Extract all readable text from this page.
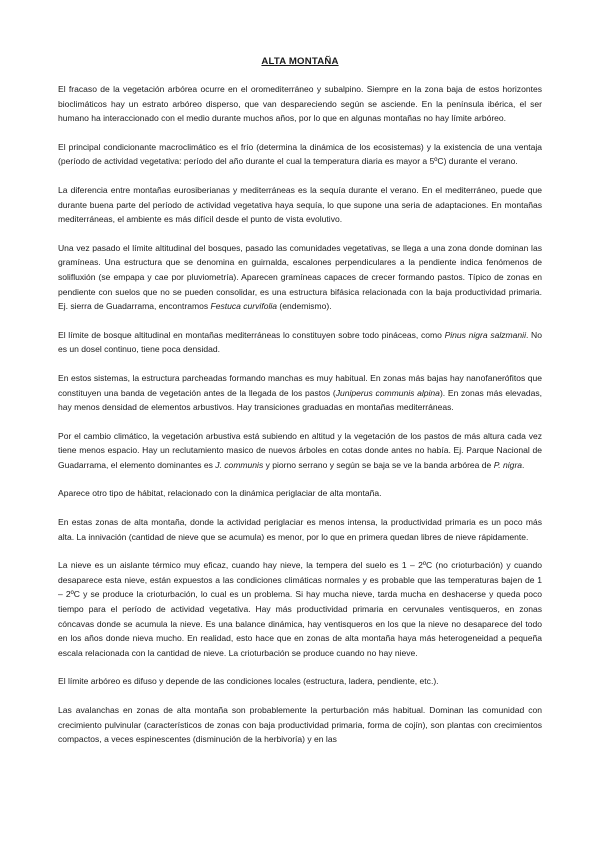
ALTA MONTAÑA

El fracaso de la vegetación arbórea ocurre en el oromediterráneo y subalpino. Siempre en la zona baja de estos horizontes bioclimáticos hay un estrato arbóreo disperso, que van despareciendo según se asciende. En la península ibérica, el ser humano ha interaccionado con el medio durante muchos años, por lo que en algunas montañas no hay límite arbóreo.

El principal condicionante macroclimático es el frío (determina la dinámica de los ecosistemas) y la existencia de una ventaja (período de actividad vegetativa: período del año durante el cual la temperatura diaria es mayor a 5ºC) durante el verano.

La diferencia entre montañas eurosiberianas y mediterráneas es la sequía durante el verano. En el mediterráneo, puede que durante buena parte del período de actividad vegetativa haya sequía, lo que supone una seria de adaptaciones. En montañas mediterráneas, el ambiente es más difícil desde el punto de vista evolutivo.

Una vez pasado el límite altitudinal del bosques, pasado las comunidades vegetativas, se llega a una zona donde dominan las gramíneas. Una estructura que se denomina en guirnalda, escalones perpendiculares a la pendiente indica fenómenos de solifluxión (se empapa y cae por pluviometría). Aparecen gramíneas capaces de crecer formando pastos. Típico de zonas en pendiente con suelos que no se pueden consolidar, es una estructura bifásica relacionada con la baja productividad primaria. Ej. sierra de Guadarrama, encontramos Festuca curvifolia (endemismo).

El límite de bosque altitudinal en montañas mediterráneas lo constituyen sobre todo pináceas, como Pinus nigra salzmanii. No es un dosel continuo, tiene poca densidad.

En estos sistemas, la estructura parcheadas formando manchas es muy habitual. En zonas más bajas hay nanofanerófitos que constituyen una banda de vegetación antes de la llegada de los pastos (Juniperus communis alpina). En zonas más elevadas, hay menos densidad de elementos arbustivos. Hay transiciones graduadas en montañas mediterráneas.

Por el cambio climático, la vegetación arbustiva está subiendo en altitud y la vegetación de los pastos de más altura cada vez tiene menos espacio. Hay un reclutamiento masico de nuevos árboles en cotas donde antes no había. Ej. Parque Nacional de Guadarrama, el elemento dominantes es J. communis y piorno serrano y según se baja se ve la banda arbórea de P. nigra.

Aparece otro tipo de hábitat, relacionado con la dinámica periglaciar de alta montaña.

En estas zonas de alta montaña, donde la actividad periglaciar es menos intensa, la productividad primaria es un poco más alta. La innivación (cantidad de nieve que se acumula) es menor, por lo que en primera quedan libres de nieve rápidamente.

La nieve es un aislante térmico muy eficaz, cuando hay nieve, la tempera del suelo es 1 – 2ºC (no crioturbación) y cuando desaparece esta nieve, están expuestos a las condiciones climáticas normales y es probable que las temperaturas bajen de 1 – 2ºC y se produce la crioturbación, lo cual es un problema. Si hay mucha nieve, tarda mucha en deshacerse y queda poco tiempo para el período de actividad vegetativa. Hay más productividad primaria en cervunales ventisqueros, en zonas cóncavas donde se acumula la nieve. Es una balance dinámica, hay ventisqueros en los que la nieve no desaparece del todo en los años donde nieva mucho. En realidad, esto hace que en zonas de alta montaña haya más heterogeneidad a pequeña escala relacionada con la cantidad de nieve. La crioturbación se produce cuando no hay nieve.

El límite arbóreo es difuso y depende de las condiciones locales (estructura, ladera, pendiente, etc.).

Las avalanchas en zonas de alta montaña son probablemente la perturbación más habitual. Dominan las comunidad con crecimiento pulvinular (característicos de zonas con baja productividad primaria, forma de cojín), son plantas con crecimientos compactos, a veces espinescentes (disminución de la herbivoría) y en las
